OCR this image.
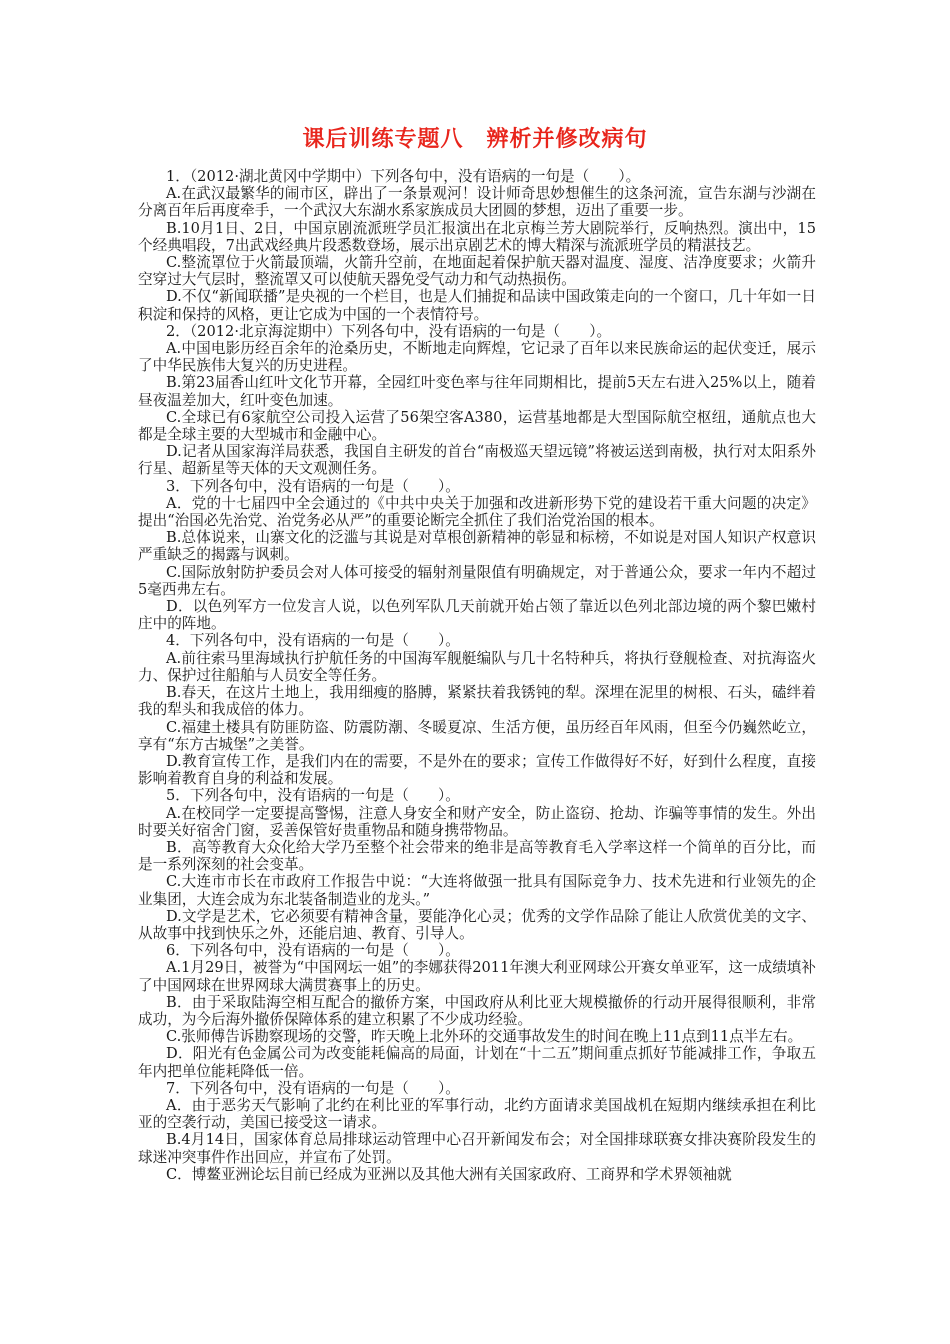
课后训练专题八　辨析并修改病句

1．（2012·湖北黄冈中学期中）下列各句中，没有语病的一句是（　　）。

A.在武汉最繁华的闹市区，辟出了一条景观河！设计师奇思妙想催生的这条河流，宣告东湖与沙湖在分离百年后再度牵手，一个武汉大东湖水系家族成员大团圆的梦想，迈出了重要一步。

B.10月1日、2日，中国京剧流派班学员汇报演出在北京梅兰芳大剧院举行，反响热烈。演出中，15个经典唱段，7出武戏经典片段悉数登场，展示出京剧艺术的博大精深与流派班学员的精湛技艺。

C.整流罩位于火箭最顶端，火箭升空前，在地面起着保护航天器对温度、湿度、洁净度要求；火箭升空穿过大气层时，整流罩又可以使航天器免受气动力和气动热损伤。

D.不仅“新闻联播”是央视的一个栏目，也是人们捕捉和品读中国政策走向的一个窗口，几十年如一日积淀和保持的风格，更让它成为中国的一个表情符号。

2．（2012·北京海淀期中）下列各句中，没有语病的一句是（　　）。

A.中国电影历经百余年的沧桑历史，不断地走向辉煌，它记录了百年以来民族命运的起伏变迁，展示了中华民族伟大复兴的历史进程。

B.第23届香山红叶文化节开幕，全园红叶变色率与往年同期相比，提前5天左右进入25%以上，随着昼夜温差加大，红叶变色加速。

C.全球已有6家航空公司投入运营了56架空客A380，运营基地都是大型国际航空枢纽，通航点也大都是全球主要的大型城市和金融中心。

D.记者从国家海洋局获悉，我国自主研发的首台“南极巡天望远镜”将被运送到南极，执行对太阳系外行星、超新星等天体的天文观测任务。

3．下列各句中，没有语病的一句是（　　）。

A．党的十七届四中全会通过的《中共中央关于加强和改进新形势下党的建设若干重大问题的决定》提出“治国必先治党、治党务必从严”的重要论断完全抓住了我们治党治国的根本。

B.总体说来，山寨文化的泛滥与其说是对草根创新精神的彰显和标榜，不如说是对国人知识产权意识严重缺乏的揭露与讽刺。

C.国际放射防护委员会对人体可接受的辐射剂量限值有明确规定，对于普通公众，要求一年内不超过5毫西弗左右。

D．以色列军方一位发言人说，以色列军队几天前就开始占领了靠近以色列北部边境的两个黎巴嫩村庄中的阵地。

4．下列各句中，没有语病的一句是（　　）。

A.前往索马里海域执行护航任务的中国海军舰艇编队与几十名特种兵，将执行登舰检查、对抗海盗火力、保护过往船舶与人员安全等任务。

B.春天，在这片土地上，我用细瘦的胳膊，紧紧扶着我锈钝的犁。深埋在泥里的树根、石头，磕绊着我的犁头和我成倍的体力。

C.福建土楼具有防匪防盗、防震防潮、冬暖夏凉、生活方便，虽历经百年风雨，但至今仍巍然屹立，享有“东方古城堡”之美誉。

D.教育宣传工作，是我们内在的需要，不是外在的要求；宣传工作做得好不好，好到什么程度，直接影响着教育自身的利益和发展。

5．下列各句中，没有语病的一句是（　　）。

A.在校同学一定要提高警惕，注意人身安全和财产安全，防止盗窃、抢劫、诈骗等事情的发生。外出时要关好宿舍门窗，妥善保管好贵重物品和随身携带物品。

B．高等教育大众化给大学乃至整个社会带来的绝非是高等教育毛入学率这样一个简单的百分比，而是一系列深刻的社会变革。

C.大连市市长在市政府工作报告中说：“大连将做强一批具有国际竞争力、技术先进和行业领先的企业集团，大连会成为东北装备制造业的龙头。”

D.文学是艺术，它必须要有精神含量，要能净化心灵；优秀的文学作品除了能让人欣赏优美的文字、从故事中找到快乐之外，还能启迪、教育、引导人。

6．下列各句中，没有语病的一句是（　　）。

A.1月29日，被誉为“中国网坛一姐”的李娜获得2011年澳大利亚网球公开赛女单亚军，这一成绩填补了中国网球在世界网球大满贯赛事上的历史。

B．由于采取陆海空相互配合的撤侨方案，中国政府从利比亚大规模撤侨的行动开展得很顺利，非常成功，为今后海外撤侨保障体系的建立积累了不少成功经验。

C.张师傅告诉勘察现场的交警，昨天晚上北外环的交通事故发生的时间在晚上11点到11点半左右。

D．阳光有色金属公司为改变能耗偏高的局面，计划在“十二五”期间重点抓好节能减排工作，争取五年内把单位能耗降低一倍。

7．下列各句中，没有语病的一句是（　　）。

A．由于恶劣天气影响了北约在利比亚的军事行动，北约方面请求美国战机在短期内继续承担在利比亚的空袭行动，美国已接受这一请求。

B.4月14日，国家体育总局排球运动管理中心召开新闻发布会；对全国排球联赛女排决赛阶段发生的球迷冲突事件作出回应，并宣布了处罚。

C．博鳌亚洲论坛目前已经成为亚洲以及其他大洲有关国家政府、工商界和学术界领袖就
